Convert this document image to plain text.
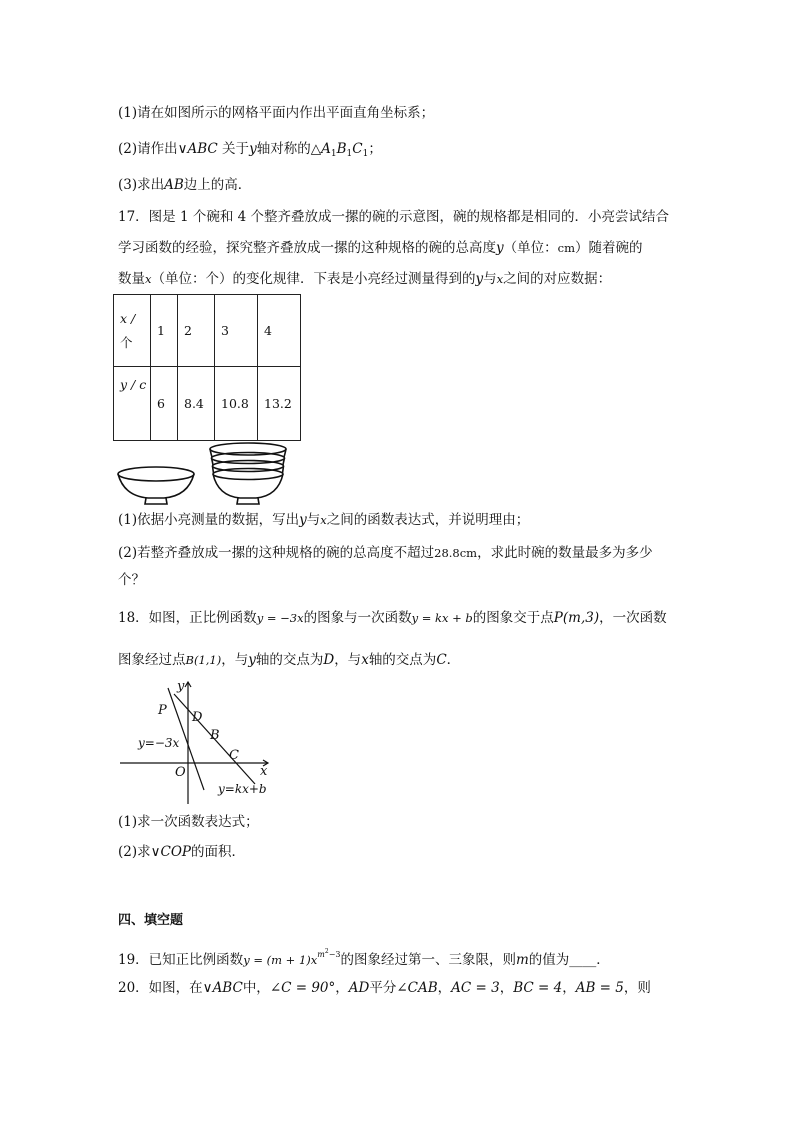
(1)请在如图所示的网格平面内作出平面直角坐标系；
(2)请作出∨ABC 关于y轴对称的$\triangle A_1B_1C_1$；
(3)求出AB边上的高．
17．图是 1 个碗和 4 个整齐叠放成一摞的碗的示意图，碗的规格都是相同的．小亮尝试结合
学习函数的经验，探究整齐叠放成一摞的这种规格的碗的总高度y（单位：cm）随着碗的
数量x（单位：个）的变化规律．下表是小亮经过测量得到的y与x之间的对应数据：
x /
个	1	2	3	4
y / c	6	8.4	10.8	13.2
(1)依据小亮测量的数据，写出y与x之间的函数表达式，并说明理由；
(2)若整齐叠放成一摞的这种规格的碗的总高度不超过28.8cm，求此时碗的数量最多为多少
个？
18．如图，正比例函数y = −3x的图象与一次函数y = kx + b的图象交于点P(m,3)，一次函数
图象经过点B(1,1)，与y轴的交点为D，与x轴的交点为C．
y
x
P D
B
C
O
y=−3x
y=kx+b
(1)求一次函数表达式；
(2)求∨COP的面积．
四、填空题
19．已知正比例函数$y = (m + 1)x^{m2-3}$的图象经过第一、三象限，则m的值为____．
20．如图，在∨ABC中，∠C = 90°，AD平分∠CAB，AC = 3，BC = 4，AB = 5，则
